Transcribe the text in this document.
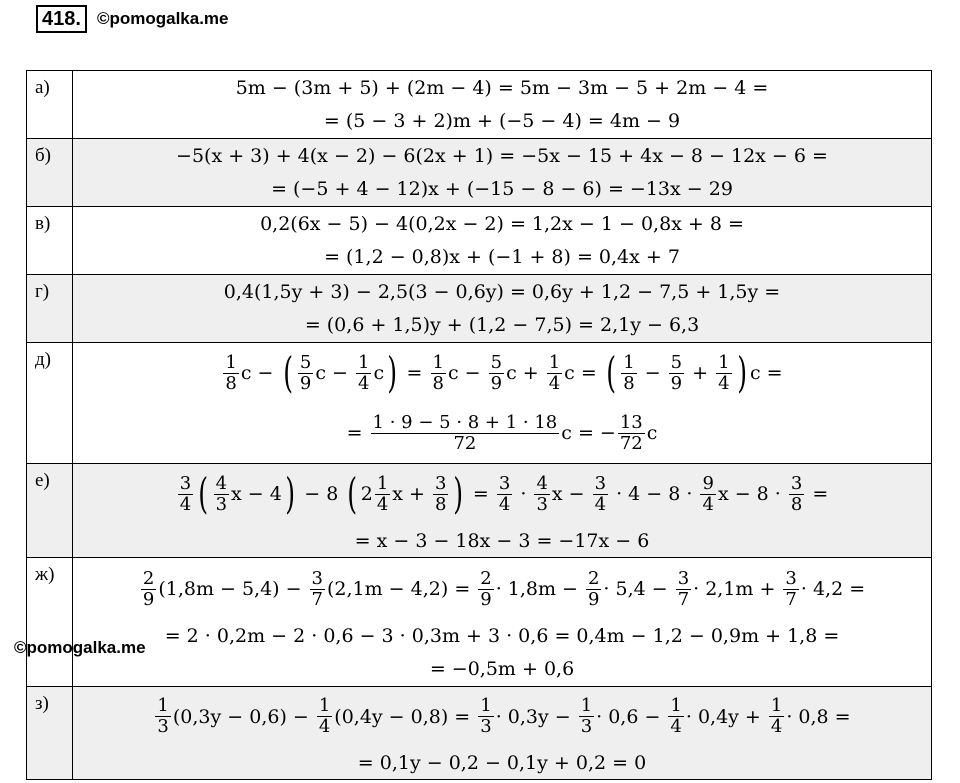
418. ©pomogalka.me
а)	5m − (3m + 5) + (2m − 4) = 5m − 3m − 5 + 2m − 4 =
= (5 − 3 + 2)m + (−5 − 4) = 4m − 9
б)	−5(x + 3) + 4(x − 2) − 6(2x + 1) = −5x − 15 + 4x − 8 − 12x − 6 =
= (−5 + 4 − 12)x + (−15 − 8 − 6) = −13x − 29
в)	0,2(6x − 5) − 4(0,2x − 2) = 1,2x − 1 − 0,8x + 8 =
= (1,2 − 0,8)x + (−1 + 8) = 0,4x + 7
г)	0,4(1,5y + 3) − 2,5(3 − 0,6y) = 0,6y + 1,2 − 7,5 + 1,5y =
= (0,6 + 1,5)y + (1,2 − 7,5) = 2,1y − 6,3
д)	1
8 c − ( 5
9 $c - \frac{1}{4}$ c ) = $\frac{1}{8}$ $c - \frac{5}{9}$ $c + \frac{1}{4}$ c = ( 1
$8 - \frac{5}{9} + \frac{1}{4}$ ) c =
= $\frac{1 \cdot 9 - 5 \cdot 8 + 1 \cdot 18}{72}$ c = − $\frac{13}{72}$ c
е)	3
4 ( 4
3 x − 4 ) − 8 ( 2 1
4 $x + \frac{3}{8}$ ) = $\frac{3}{4} \cdot 4$
3 $x - \frac{3}{4} \cdot 4 - 8 \cdot 9$
4 $x - 8 \cdot \frac{3}{8}$ =
= x − 3 − 18x − 3 = −17x − 6
ж)	2
9 (1,8m − 5,4) − 3
7 (2,1m − 4,2) = 2
9 · 1,8m − 2
9 · 5,4 − 3
7 · 2,1m + 3
7 · 4,2 =
= 2 · 0,2m − 2 · 0,6 − 3 · 0,3m + 3 · 0,6 = 0,4m − 1,2 − 0,9m + 1,8 =
= −0,5m + 0,6
з)	1
3 (0,3y − 0,6) − 1
4 (0,4y − 0,8) = 1
3 · 0,3y − 1
3 · 0,6 − 1
4 · 0,4y + 1
4 · 0,8 =
= 0,1y − 0,2 − 0,1y + 0,2 = 0
©pomogalka.me
